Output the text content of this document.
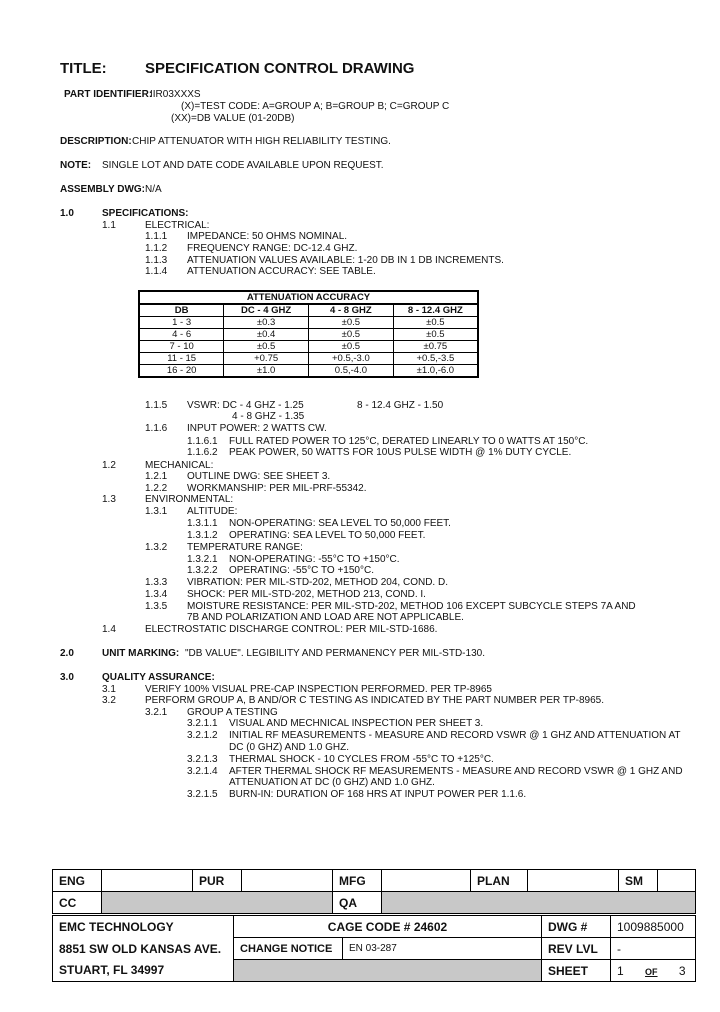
TITLE:	SPECIFICATION CONTROL DRAWING
PART IDENTIFIER:
IIR03XXXS
(X)=TEST CODE: A=GROUP A; B=GROUP B; C=GROUP C
(XX)=DB VALUE (01-20DB)
DESCRIPTION: CHIP ATTENUATOR WITH HIGH RELIABILITY TESTING.
NOTE: SINGLE LOT AND DATE CODE AVAILABLE UPON REQUEST.
ASSEMBLY DWG: N/A
1.0	SPECIFICATIONS:
1.1	ELECTRICAL:
1.1.1 IMPEDANCE: 50 OHMS NOMINAL.
1.1.2 FREQUENCY RANGE: DC-12.4 GHZ.
1.1.3 ATTENUATION VALUES AVAILABLE: 1-20 DB IN 1 DB INCREMENTS.
1.1.4 ATTENUATION ACCURACY: SEE TABLE.
ATTENUATION ACCURACY			
DB	DC - 4 GHZ	4 - 8 GHZ	8 - 12.4 GHZ
1 - 3	±0.3	±0.5	±0.5
4 - 6	±0.4	±0.5	±0.5
7 - 10	±0.5	±0.5	±0.75
11 - 15	+0.75	+0.5,-3.0	+0.5,-3.5
16 - 20	±1.0	0.5,-4.0	±1.0,-6.0
1.1.5 VSWR: DC - 4 GHZ - 1.25	8 - 12.4 GHZ - 1.50
4 - 8 GHZ - 1.35
1.1.6 INPUT POWER: 2 WATTS CW.
1.1.6.1 FULL RATED POWER TO 125°C, DERATED LINEARLY TO 0 WATTS AT 150°C.
1.1.6.2 PEAK POWER, 50 WATTS FOR 10US PULSE WIDTH @ 1% DUTY CYCLE.
1.2	MECHANICAL:
1.2.1 OUTLINE DWG: SEE SHEET 3.
1.2.2 WORKMANSHIP: PER MIL-PRF-55342.
1.3	ENVIRONMENTAL:
1.3.1 ALTITUDE:
1.3.1.1 NON-OPERATING: SEA LEVEL TO 50,000 FEET.
1.3.1.2 OPERATING: SEA LEVEL TO 50,000 FEET.
1.3.2 TEMPERATURE RANGE:
1.3.2.1 NON-OPERATING: -55°C TO +150°C.
1.3.2.2 OPERATING: -55°C TO +150°C.
1.3.3 VIBRATION: PER MIL-STD-202, METHOD 204, COND. D.
1.3.4 SHOCK: PER MIL-STD-202, METHOD 213, COND. I.
1.3.5 MOISTURE RESISTANCE: PER MIL-STD-202, METHOD 106 EXCEPT SUBCYCLE STEPS 7A AND
7B AND POLARIZATION AND LOAD ARE NOT APPLICABLE.
1.4	ELECTROSTATIC DISCHARGE CONTROL: PER MIL-STD-1686.
2.0	UNIT MARKING: "DB VALUE". LEGIBILITY AND PERMANENCY PER MIL-STD-130.
3.0	QUALITY ASSURANCE:
3.1	VERIFY 100% VISUAL PRE-CAP INSPECTION PERFORMED. PER TP-8965
3.2	PERFORM GROUP A, B AND/OR C TESTING AS INDICATED BY THE PART NUMBER PER TP-8965.
3.2.1 GROUP A TESTING
3.2.1.1 VISUAL AND MECHNICAL INSPECTION PER SHEET 3.
3.2.1.2 INITIAL RF MEASUREMENTS - MEASURE AND RECORD VSWR @ 1 GHZ AND ATTENUATION AT
DC (0 GHZ) AND 1.0 GHZ.
3.2.1.3 THERMAL SHOCK - 10 CYCLES FROM -55°C TO +125°C.
3.2.1.4 AFTER THERMAL SHOCK RF MEASUREMENTS - MEASURE AND RECORD VSWR @ 1 GHZ AND
ATTENUATION AT DC (0 GHZ) AND 1.0 GHZ.
3.2.1.5 BURN-IN: DURATION OF 168 HRS AT INPUT POWER PER 1.1.6.
ENG		PUR		MFG		PLAN		SM	
CC				QA					
EMC TECHNOLOGY	CAGE CODE # 24602		DWG #	1009885000
8851 SW OLD KANSAS AVE.	CHANGE NOTICE	EN 03-287	REV LVL	-
STUART, FL 34997			SHEET	1 OF 3
